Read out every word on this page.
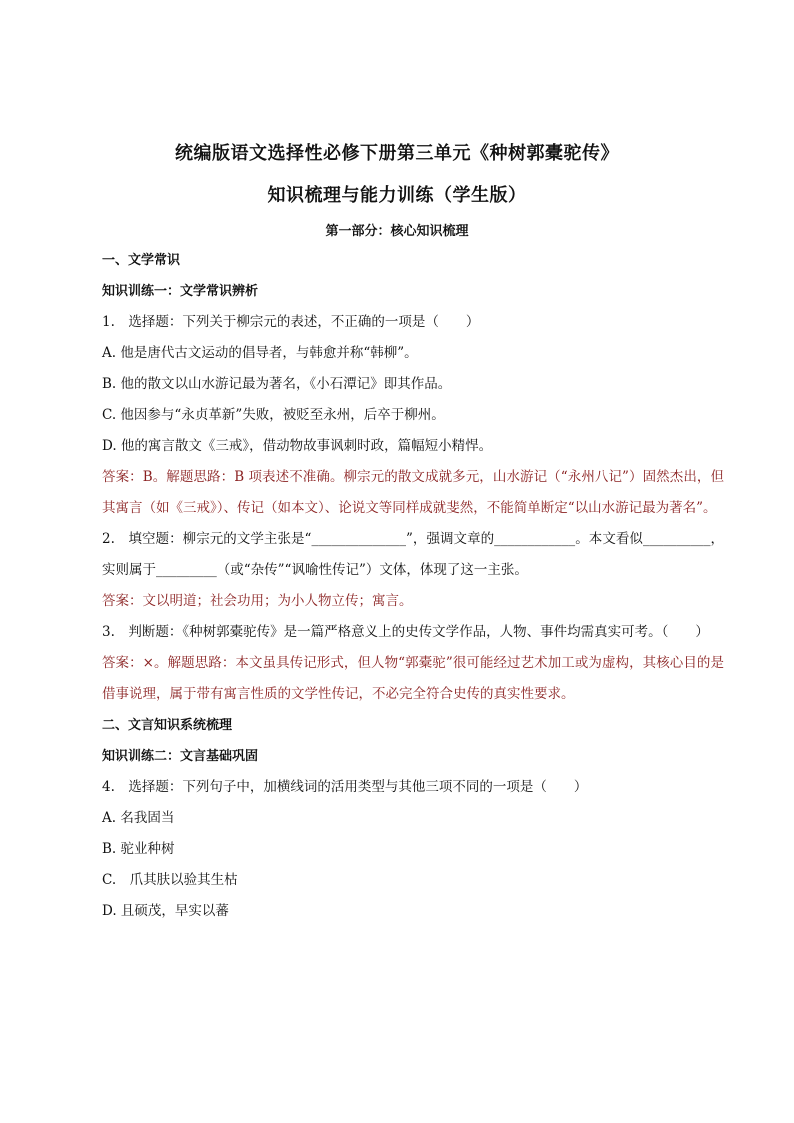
统编版语文选择性必修下册第三单元《种树郭橐驼传》
知识梳理与能力训练（学生版）
第一部分：核心知识梳理

一、文学常识

知识训练一：文学常识辨析

1.　选择题：下列关于柳宗元的表述，不正确的一项是（　　）

A. 他是唐代古文运动的倡导者，与韩愈并称“韩柳”。

B. 他的散文以山水游记最为著名，《小石潭记》即其作品。

C. 他因参与“永贞革新”失败，被贬至永州，后卒于柳州。

D. 他的寓言散文《三戒》，借动物故事讽刺时政，篇幅短小精悍。

答案：B。解题思路：B 项表述不准确。柳宗元的散文成就多元，山水游记（“永州八记”）固然杰出，但其寓言（如《三戒》）、传记（如本文）、论说文等同样成就斐然，不能简单断定“以山水游记最为著名”。

2.　填空题：柳宗元的文学主张是“______________”，强调文章的____________。本文看似__________，实则属于_________（或“杂传”“讽喻性传记”）文体，体现了这一主张。

答案：文以明道；社会功用；为小人物立传；寓言。

3.　判断题：《种树郭橐驼传》是一篇严格意义上的史传文学作品，人物、事件均需真实可考。（　　）

答案：×。解题思路：本文虽具传记形式，但人物“郭橐驼”很可能经过艺术加工或为虚构，其核心目的是借事说理，属于带有寓言性质的文学性传记，不必完全符合史传的真实性要求。

二、文言知识系统梳理

知识训练二：文言基础巩固

4.　选择题：下列句子中，加横线词的活用类型与其他三项不同的一项是（　　）

A. 名我固当

B. 驼业种树

C.　爪其肤以验其生枯

D. 且硕茂，早实以蕃
